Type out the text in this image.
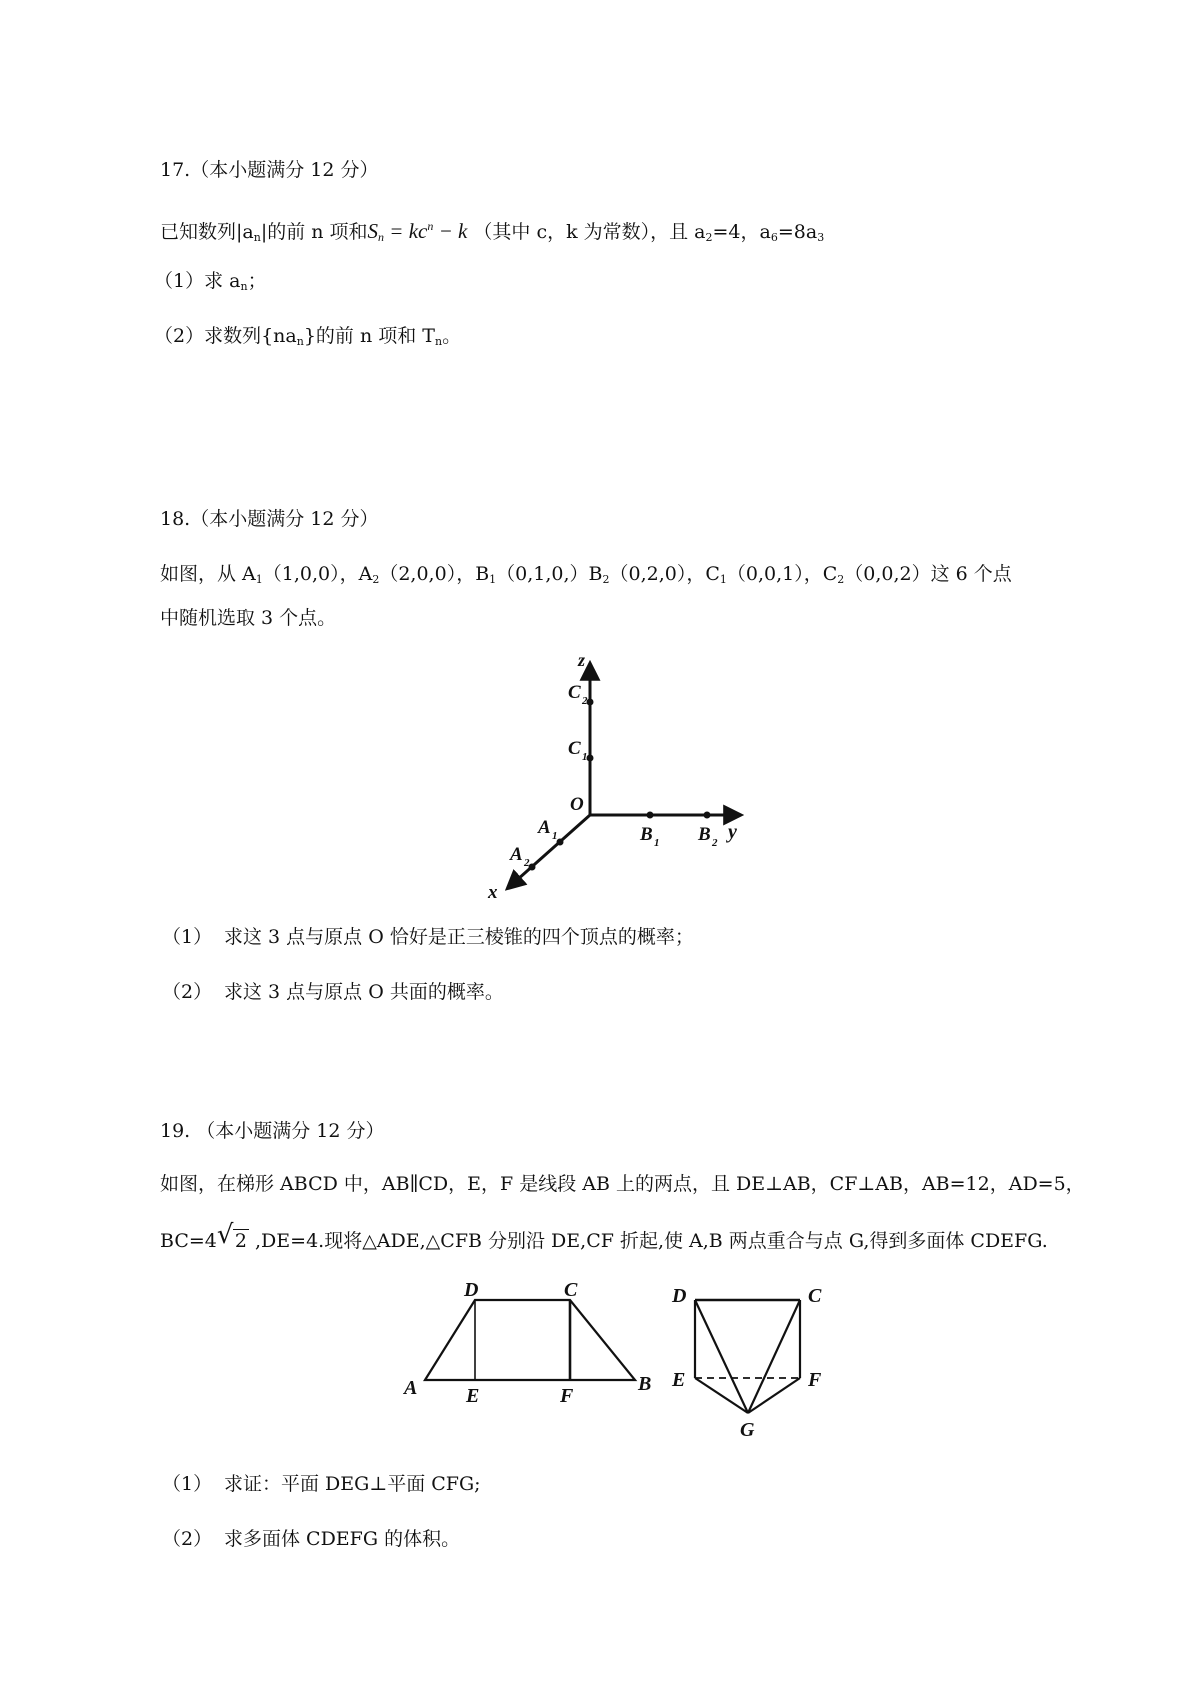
17.（本小题满分 12 分）
已知数列$|a_n|$的前 n 项和$S_n = kc^n - k$ （其中 c，k 为常数），且 $a_2=4$，$a_6=8a_3$
（1）求 $a_n$；
（2）求数列$\{na_n\}$的前 n 项和 $T_n$。
18.（本小题满分 12 分）
如图，从 $A_1(1,0,0)$，$A_2(2,0,0)$，$B_1(0,1,0,)B_2(0,2,0)$，$C_1(0,0,1)$，$C_2(0,0,2)$这 6 个点
中随机选取 3 个点。
z
C 2
C 1
O
B 1 B 2 y
A 1
A 2
x
（1） 求这 3 点与原点 O 恰好是正三棱锥的四个顶点的概率；
（2） 求这 3 点与原点 O 共面的概率。
19. （本小题满分 12 分）
如图，在梯形 ABCD 中，AB∥CD，E，F 是线段 AB 上的两点，且 DE⊥AB，CF⊥AB，AB=12，AD=5，
BC=4 √ 2 ,DE=4.现将△ADE,△CFB 分别沿 DE,CF 折起,使 A,B 两点重合与点 G,得到多面体 CDEFG.
A
D	C
B
E	F
D	C
E	F
G
（1） 求证：平面 DEG⊥平面 CFG;
（2） 求多面体 CDEFG 的体积。
